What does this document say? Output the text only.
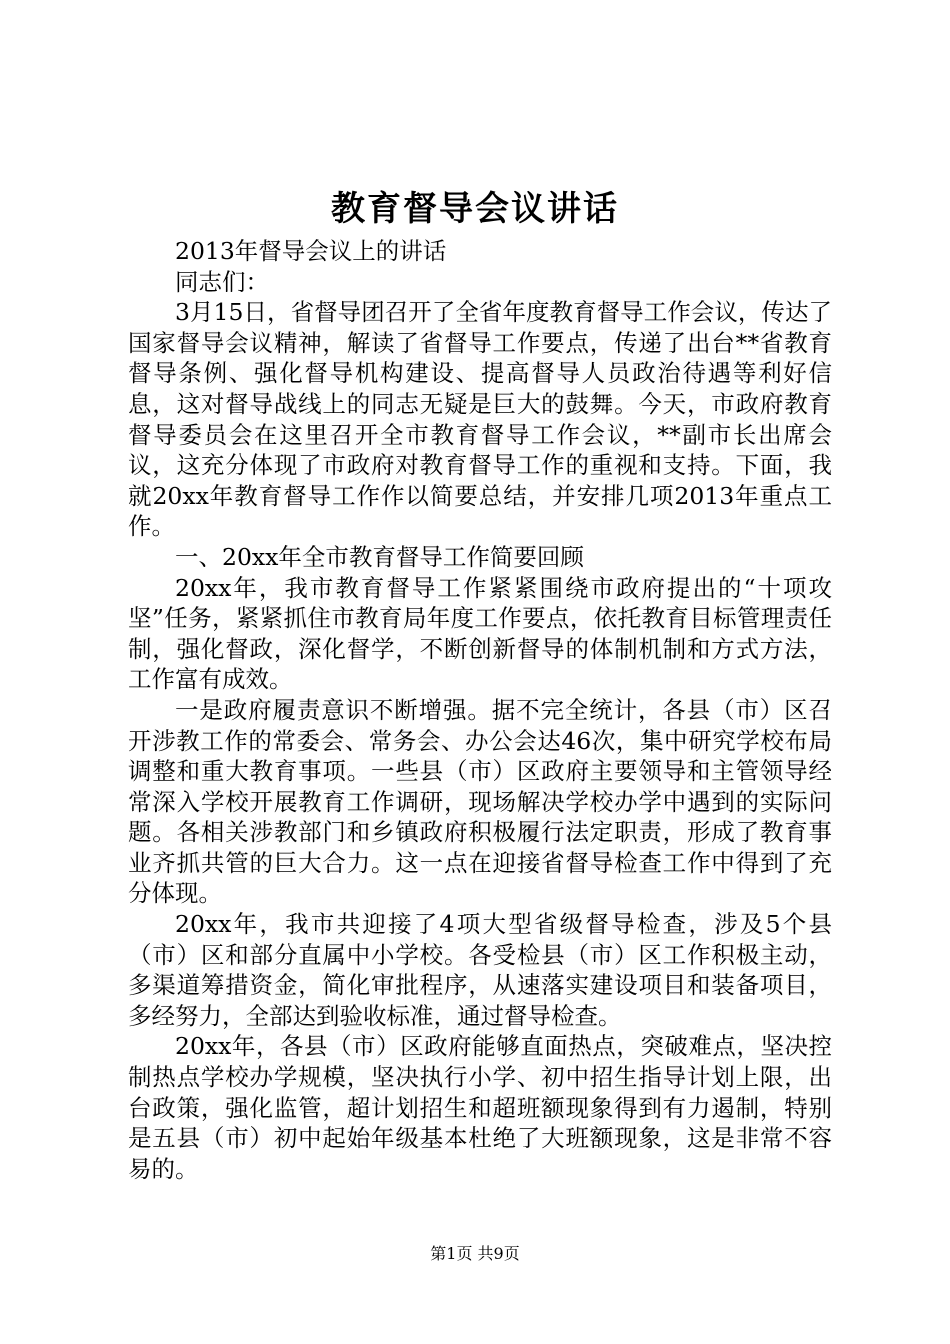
教育督导会议讲话

2013年督导会议上的讲话

同志们：

3月15日，省督导团召开了全省年度教育督导工作会议，传达了国家督导会议精神，解读了省督导工作要点，传递了出台**省教育督导条例、强化督导机构建设、提高督导人员政治待遇等利好信息，这对督导战线上的同志无疑是巨大的鼓舞。今天，市政府教育督导委员会在这里召开全市教育督导工作会议，**副市长出席会议，这充分体现了市政府对教育督导工作的重视和支持。下面，我就20xx年教育督导工作作以简要总结，并安排几项2013年重点工作。

一、20xx年全市教育督导工作简要回顾

20xx年，我市教育督导工作紧紧围绕市政府提出的“十项攻坚”任务，紧紧抓住市教育局年度工作要点，依托教育目标管理责任制，强化督政，深化督学，不断创新督导的体制机制和方式方法，工作富有成效。

一是政府履责意识不断增强。据不完全统计，各县（市）区召开涉教工作的常委会、常务会、办公会达46次，集中研究学校布局调整和重大教育事项。一些县（市）区政府主要领导和主管领导经常深入学校开展教育工作调研，现场解决学校办学中遇到的实际问题。各相关涉教部门和乡镇政府积极履行法定职责，形成了教育事业齐抓共管的巨大合力。这一点在迎接省督导检查工作中得到了充分体现。

20xx年，我市共迎接了4项大型省级督导检查，涉及5个县（市）区和部分直属中小学校。各受检县（市）区工作积极主动，多渠道筹措资金，简化审批程序，从速落实建设项目和装备项目，多经努力，全部达到验收标准，通过督导检查。

20xx年，各县（市）区政府能够直面热点，突破难点，坚决控制热点学校办学规模，坚决执行小学、初中招生指导计划上限，出台政策，强化监管，超计划招生和超班额现象得到有力遏制，特别是五县（市）初中起始年级基本杜绝了大班额现象，这是非常不容易的。

第1页 共9页
